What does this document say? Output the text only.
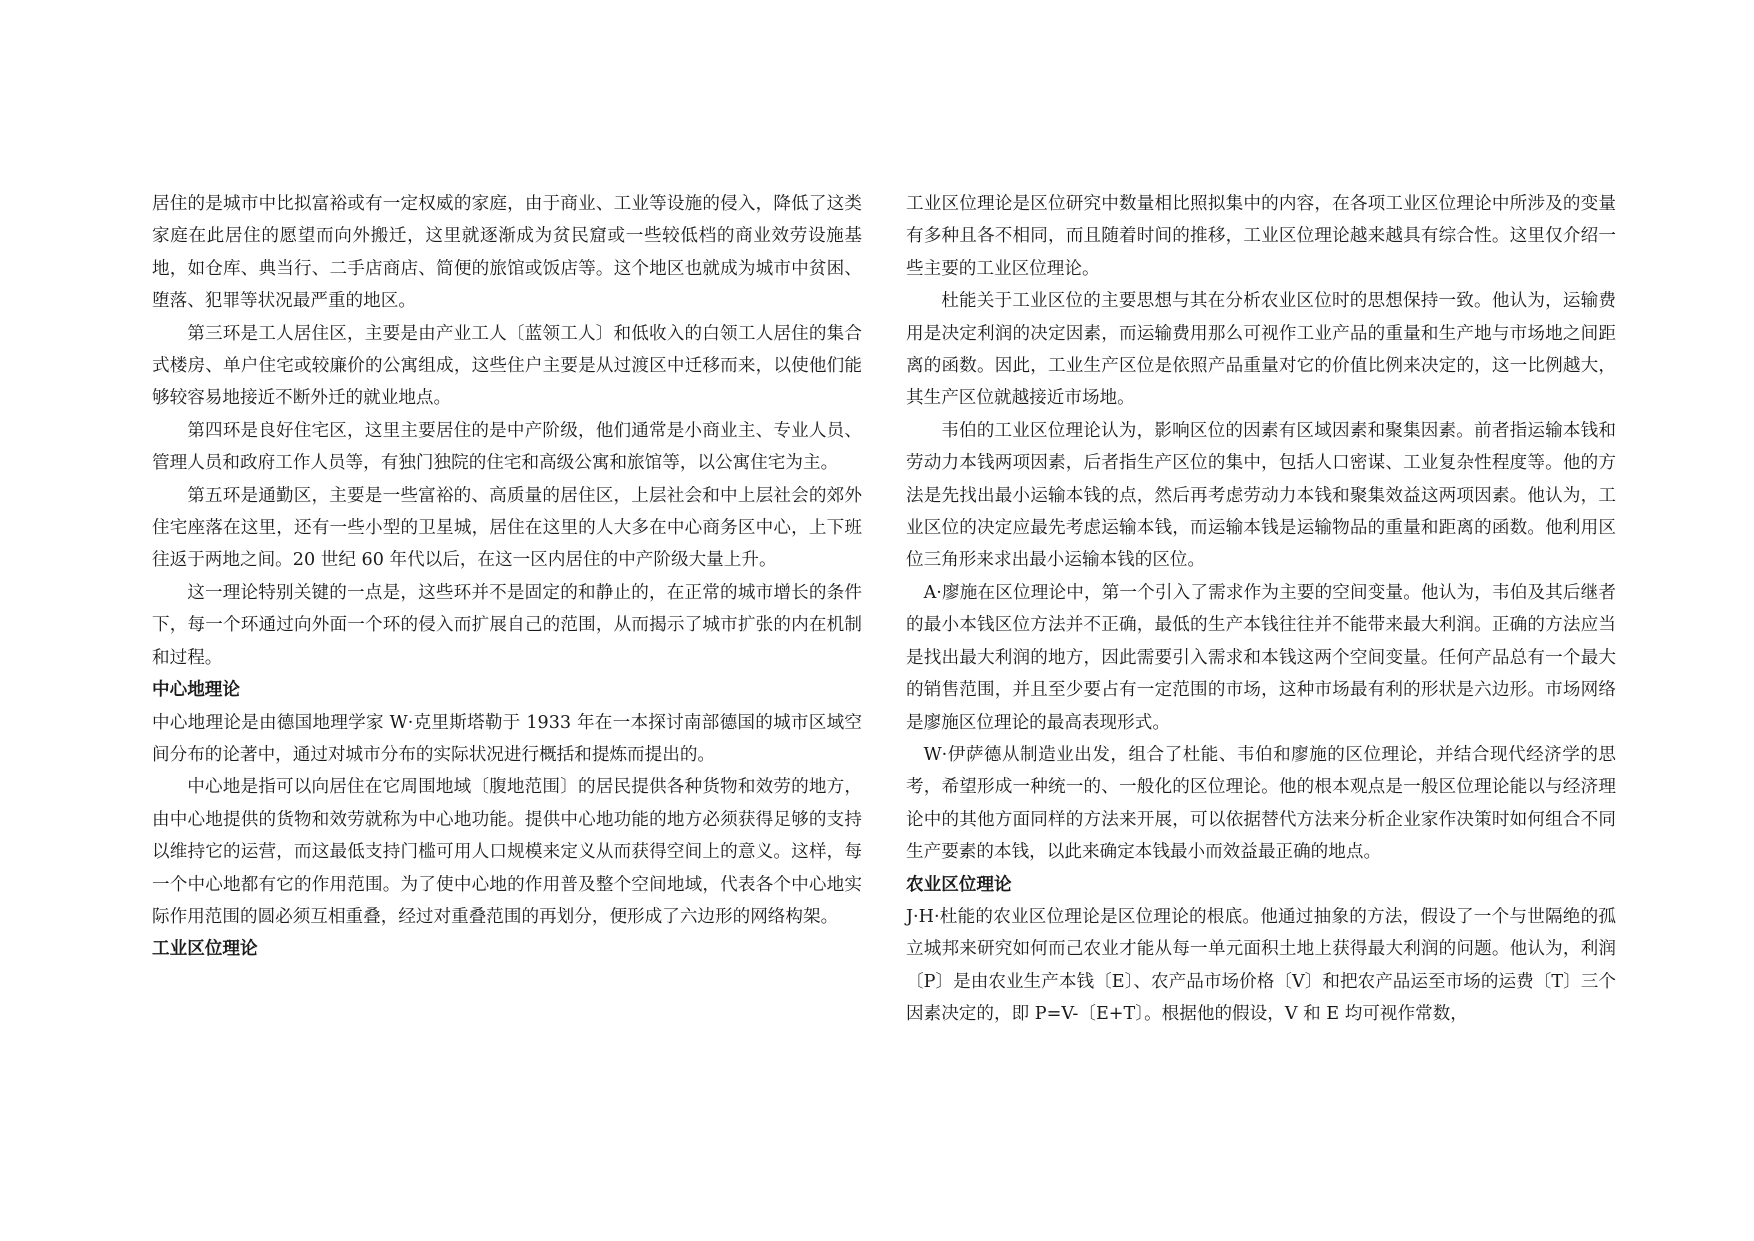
居住的是城市中比拟富裕或有一定权威的家庭，由于商业、工业等设施的侵入，降低了这类家庭在此居住的愿望而向外搬迁，这里就逐渐成为贫民窟或一些较低档的商业效劳设施基地，如仓库、典当行、二手店商店、简便的旅馆或饭店等。这个地区也就成为城市中贫困、堕落、犯罪等状况最严重的地区。

第三环是工人居住区，主要是由产业工人〔蓝领工人〕和低收入的白领工人居住的集合式楼房、单户住宅或较廉价的公寓组成，这些住户主要是从过渡区中迁移而来，以使他们能够较容易地接近不断外迁的就业地点。

第四环是良好住宅区，这里主要居住的是中产阶级，他们通常是小商业主、专业人员、管理人员和政府工作人员等，有独门独院的住宅和高级公寓和旅馆等，以公寓住宅为主。

第五环是通勤区，主要是一些富裕的、高质量的居住区，上层社会和中上层社会的郊外住宅座落在这里，还有一些小型的卫星城，居住在这里的人大多在中心商务区中心，上下班往返于两地之间。20 世纪 60 年代以后，在这一区内居住的中产阶级大量上升。

这一理论特别关键的一点是，这些环并不是固定的和静止的，在正常的城市增长的条件下，每一个环通过向外面一个环的侵入而扩展自己的范围，从而揭示了城市扩张的内在机制和过程。

中心地理论

中心地理论是由德国地理学家 W·克里斯塔勒于 1933 年在一本探讨南部德国的城市区域空间分布的论著中，通过对城市分布的实际状况进行概括和提炼而提出的。

中心地是指可以向居住在它周围地域〔腹地范围〕的居民提供各种货物和效劳的地方，由中心地提供的货物和效劳就称为中心地功能。提供中心地功能的地方必须获得足够的支持以维持它的运营，而这最低支持门槛可用人口规模来定义从而获得空间上的意义。这样，每一个中心地都有它的作用范围。为了使中心地的作用普及整个空间地域，代表各个中心地实际作用范围的圆必须互相重叠，经过对重叠范围的再划分，便形成了六边形的网络构架。

工业区位理论

工业区位理论是区位研究中数量相比照拟集中的内容，在各项工业区位理论中所涉及的变量有多种且各不相同，而且随着时间的推移，工业区位理论越来越具有综合性。这里仅介绍一些主要的工业区位理论。

杜能关于工业区位的主要思想与其在分析农业区位时的思想保持一致。他认为，运输费用是决定利润的决定因素，而运输费用那么可视作工业产品的重量和生产地与市场地之间距离的函数。因此，工业生产区位是依照产品重量对它的价值比例来决定的，这一比例越大，其生产区位就越接近市场地。

韦伯的工业区位理论认为，影响区位的因素有区域因素和聚集因素。前者指运输本钱和劳动力本钱两项因素，后者指生产区位的集中，包括人口密谋、工业复杂性程度等。他的方法是先找出最小运输本钱的点，然后再考虑劳动力本钱和聚集效益这两项因素。他认为，工业区位的决定应最先考虑运输本钱，而运输本钱是运输物品的重量和距离的函数。他利用区位三角形来求出最小运输本钱的区位。

A·廖施在区位理论中，第一个引入了需求作为主要的空间变量。他认为，韦伯及其后继者的最小本钱区位方法并不正确，最低的生产本钱往往并不能带来最大利润。正确的方法应当是找出最大利润的地方，因此需要引入需求和本钱这两个空间变量。任何产品总有一个最大的销售范围，并且至少要占有一定范围的市场，这种市场最有利的形状是六边形。市场网络是廖施区位理论的最高表现形式。

W·伊萨德从制造业出发，组合了杜能、韦伯和廖施的区位理论，并结合现代经济学的思考，希望形成一种统一的、一般化的区位理论。他的根本观点是一般区位理论能以与经济理论中的其他方面同样的方法来开展，可以依据替代方法来分析企业家作决策时如何组合不同生产要素的本钱，以此来确定本钱最小而效益最正确的地点。

农业区位理论

J·H·杜能的农业区位理论是区位理论的根底。他通过抽象的方法，假设了一个与世隔绝的孤立城邦来研究如何而己农业才能从每一单元面积土地上获得最大利润的问题。他认为，利润〔P〕是由农业生产本钱〔E〕、农产品市场价格〔V〕和把农产品运至市场的运费〔T〕三个因素决定的，即 P=V-〔E+T〕。根据他的假设，V 和 E 均可视作常数，
